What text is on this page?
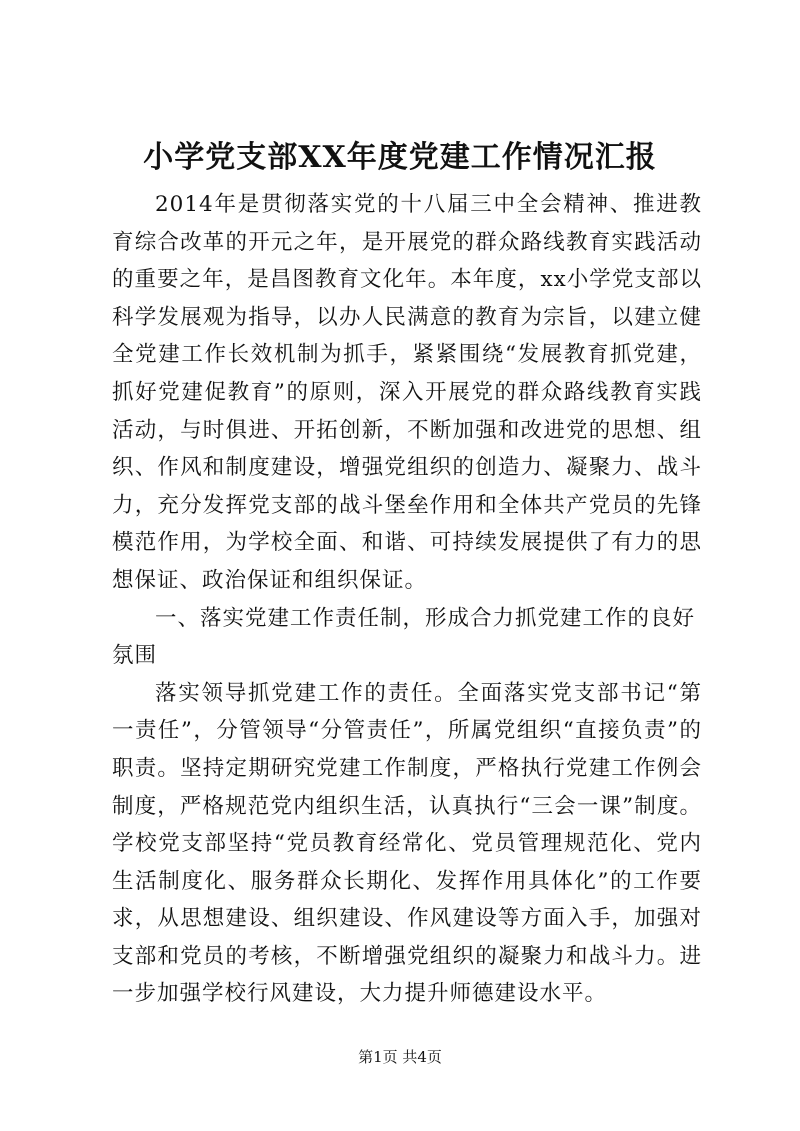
小学党支部XX年度党建工作情况汇报

2014年是贯彻落实党的十八届三中全会精神、推进教育综合改革的开元之年，是开展党的群众路线教育实践活动的重要之年，是昌图教育文化年。本年度，xx小学党支部以科学发展观为指导，以办人民满意的教育为宗旨，以建立健全党建工作长效机制为抓手，紧紧围绕“发展教育抓党建，抓好党建促教育”的原则，深入开展党的群众路线教育实践活动，与时俱进、开拓创新，不断加强和改进党的思想、组织、作风和制度建设，增强党组织的创造力、凝聚力、战斗力，充分发挥党支部的战斗堡垒作用和全体共产党员的先锋模范作用，为学校全面、和谐、可持续发展提供了有力的思想保证、政治保证和组织保证。

一、落实党建工作责任制，形成合力抓党建工作的良好氛围

落实领导抓党建工作的责任。全面落实党支部书记“第一责任”，分管领导“分管责任”，所属党组织“直接负责”的职责。坚持定期研究党建工作制度，严格执行党建工作例会制度，严格规范党内组织生活，认真执行“三会一课”制度。学校党支部坚持“党员教育经常化、党员管理规范化、党内生活制度化、服务群众长期化、发挥作用具体化”的工作要求，从思想建设、组织建设、作风建设等方面入手，加强对支部和党员的考核，不断增强党组织的凝聚力和战斗力。进一步加强学校行风建设，大力提升师德建设水平。

第1页 共4页
